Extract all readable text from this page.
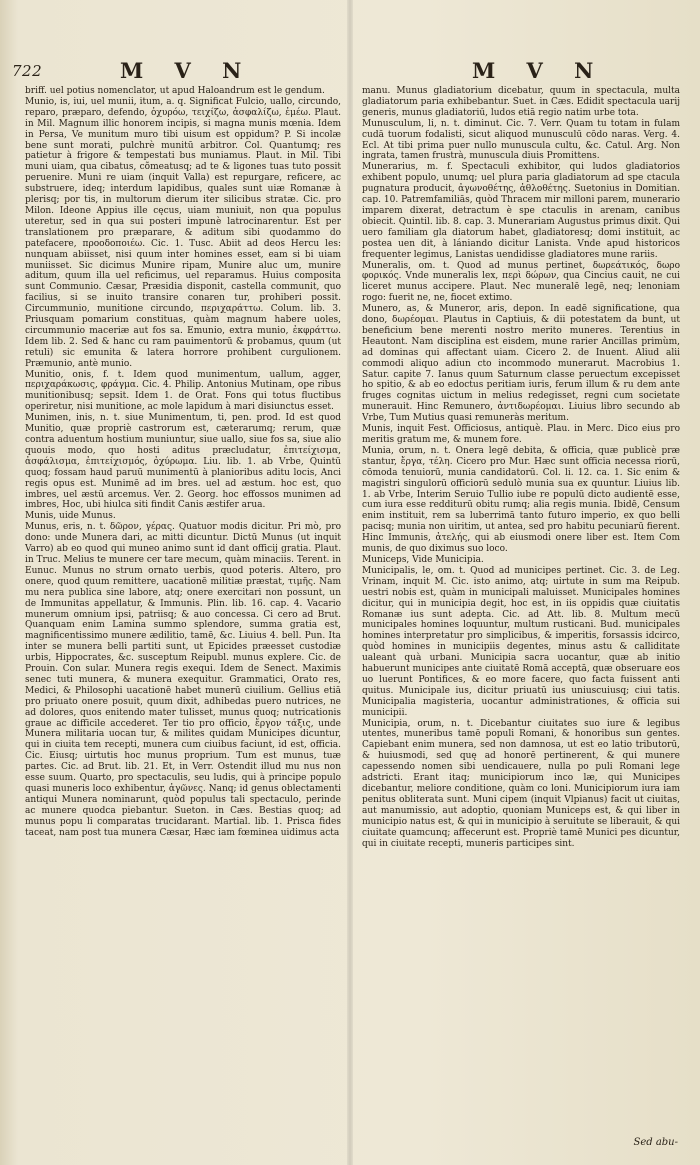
722	M V N	M V N

briff. uel potius nomenclator, ut apud Haloandrum est le gendum.

Munio, is, iui, uel munii, itum, a. q. Significat Fulcio, uallo, circundo, reparo, præparo, defendo, ὀχυρόω, τειχίζω, ἀσφαλίζω, ἐμέω. Plaut. in Mil. Magnum illic honorem incipis, si magna munis mœnia. Idem in Persa, Ve munitum muro tibi uisum est oppidum? P. Si incolæ bene sunt morati, pulchrè munitū arbitror. Col. Quantumq; res patietur à frigore & tempestati bus muniamus. Plaut. in Mil. Tibi muni uiam, qua cibatus, cõmeatusq; ad te & ligones tuas tuto possit peruenire. Muni re uiam (inquit Valla) est repurgare, reficere, ac substruere, ideq; interdum lapidibus, quales sunt uiæ Romanæ à plerisq; por tis, in multorum dierum iter silicibus stratæ. Cic. pro Milon. Ideone Appius ille cęcus, uiam muniuit, non qua populus uteretur, sed in qua sui posteri impunè latrocinarentur. Est per translationem pro præparare, & aditum sibi quodammo do patefacere, προοδοποιέω. Cic. 1. Tusc. Abiit ad deos Hercu les: nunquam abiisset, nisi quum inter homines esset, eam si bi uiam muniisset. Sic dicimus Munire ripam, Munire aluc um, munire aditum, quum illa uel reficimus, uel reparamus. Huius composita sunt Communio. Cæsar, Præsidia disponit, castella communit, quo facilius, si se inuito transire conaren tur, prohiberi possit. Circummunio, munitione circundo, περιχαράττω. Colum. lib. 3. Priusquam pomarium constituas, quàm magnum habere uoles, circummunio maceriæ aut fos sa. Emunio, extra munio, ἐκφράττω. Idem lib. 2. Sed & hanc cu ram pauimentorū & probamus, quum (ut retuli) sic emunita & latera horrore prohibent curgulionem. Præmunio, antè munio.

Munitio, onis, f. t. Idem quod munimentum, uallum, agger, περιχαράκωσις, φράγμα. Cic. 4. Philip. Antonius Mutinam, ope ribus munitionibusq; sepsit. Idem 1. de Orat. Fons qui totus fluctibus operiretur, nisi munitione, ac mole lapidum à mari disiunctus esset.

Munimen, inis, n. t. siue Munimentum, ti, pen. prod. Id est quod Munitio, quæ propriè castrorum est, cæterarumq; rerum, quæ contra aduentum hostium muniuntur, siue uallo, siue fos sa, siue alio quouis modo, quo hosti aditus præcludatur, ἐπιτείχισμα, ἀσφάλισμα, ἐπιτείχισμός, ὀχύρωμα. Liu. lib. 1. ab Vrbe, Quintū quoq; fossam haud paruū munimentū à planioribus aditu locis, Anci regis opus est. Munimē ad im bres. uel ad æstum. hoc est, quo imbres, uel æstū arcemus. Ver. 2. Georg. hoc effossos munimen ad imbres, Hoc, ubi hiulca siti findit Canis æstifer arua.

Munis, uide Munus.

Munus, eris, n. t. δῶρον, γέρας. Quatuor modis dicitur. Pri mò, pro dono: unde Munera dari, ac mitti dicuntur. Dictū Munus (ut inquit Varro) ab eo quod qui muneo animo sunt id dant officij gratia. Plaut. in Truc. Melius te munere cer tare mecum, quàm minaciis. Terent. in Eunuc. Munus no strum ornato uerbis, quod poteris. Altero, pro onere, quod quum remittere, uacationē militiæ præstat, τιμῆς. Nam mu nera publica sine labore, atq; onere exercitari non possunt, un de Immunitas appellatur, & Immunis. Plin. lib. 16. cap. 4. Vacario munerum omnium ipsi, patriisq; & auo concessa. Ci cero ad Brut. Quanquam enim Lamina summo splendore, summa gratia est, magnificentissimo munere ædilitio, tamē, &c. Liuius 4. bell. Pun. Ita inter se munera belli partiti sunt, ut Epicides præesset custodiæ urbis, Hippocrates, &c. susceptum Reipubl. munus explere. Cic. de Prouin. Con sular. Munera regis exequi. Idem de Senect. Maximis senec tuti munera, & munera exequitur. Grammatici, Orato res, Medici, & Philosophi uacationē habet munerū ciuilium. Gellius etiā pro priuato onere posuit, quum dixit, adhibedas puero nutrices, ne ad dolores, quos enitendo mater tulisset, munus quoq; nutricationis graue ac difficile accederet. Ter tio pro officio, ἔργον τάξις, unde Munera militaria uocan tur, & milites quidam Municipes dicuntur, qui in ciuita tem recepti, munera cum ciuibus faciunt, id est, officia. Cic. Eiusq; uirtutis hoc munus proprium. Tum est munus, tuæ partes. Cic. ad Brut. lib. 21. Et, in Verr. Ostendit illud mu nus non esse suum. Quarto, pro spectaculis, seu ludis, qui à principe populo quasi muneris loco exhibentur, ἀγῶνες. Nanq; id genus oblectamenti antiqui Munera nominarunt, quòd populus tali spectaculo, perinde ac munere quodca piebantur. Sueton. in Cæs. Bestias quoq; ad munus popu li comparatas trucidarant. Martial. lib. 1. Prisca fides taceat, nam post tua munera Cæsar, Hæc iam fœminea uidimus acta

manu. Munus gladiatorium dicebatur, quum in spectacula, multa gladiatorum paria exhibebantur. Suet. in Cæs. Edidit spectacula uarij generis, munus gladiatoriū, ludos etiā regio natim urbe tota.

Munusculum, li, n. t. diminut. Cic. 7. Verr. Quam tu totam in fulam cudā tuorum fodalisti, sicut aliquod munusculū cōdo naras. Verg. 4. Ecl. At tibi prima puer nullo munuscula cultu, &c. Catul. Arg. Non ingrata, tamen frustrà, munuscula diuis Promittens.

Munerarius, m. f. Spectaculi exhibitor, qui ludos gladiatorios exhibent populo, unumq; uel plura paria gladiatorum ad spe ctacula pugnatura producit, ἀγωνοθέτης, ἀθλοθέτης. Suetonius in Domitian. cap. 10. Patremfamiliās, quòd Thracem mir milloni parem, munerario imparem dixerat, detractum è spe ctaculis in arenam, canibus obiecit. Quintil. lib. 8. cap. 3. Munerariam Augustus primus dixit. Qui uero familiam gla diatorum habet, gladiatoresq; domi instituit, ac postea uen dit, à lániando dicitur Lanista. Vnde apud historicos frequenter legimus, Lanistas uendidisse gladiatores mune rariis.

Muneralis, om. t. Quod ad munus pertinet, δωρεάτικός, δωρο φορικός. Vnde muneralis lex, περὶ δώρων, qua Cincius cauit, ne cui liceret munus accipere. Plaut. Nec muneralē legē, neq; lenoniam rogo: fuerit ne, ne, fiocet extimo.

Munero, as, & Muneror, aris, depon. In eadē significatione, qua dono, δωρέομαι. Plautus in Captiuis, & dii potestatem da bunt, ut beneficium bene merenti nostro merito muneres. Terentius in Heautont. Nam disciplina est eisdem, mune rarier Ancillas primùm, ad dominas qui affectant uiam. Cicero 2. de Inuent. Aliud alii commodi aliquo adiun cto incommodo munerarut. Macrobius 1. Satur. capite 7. Ianus quum Saturnum classe peruectum excepisset ho spitio, & ab eo edoctus peritiam iuris, ferum illum & ru dem ante fruges cognitas uictum in melius redegisset, regni cum societate munerauit. Hinc Remunero, ἀντιδωρέομαι. Liuius libro secundo ab Vrbe, Tum Mutius quasi remuneràs meritum.

Munis, inquit Fest. Officiosus, antiquè. Plau. in Merc. Dico eius pro meritis gratum me, & munem fore.

Munia, orum, n. t. Onera legē debita, & officia, quæ publicè præ stantur, ἔργα, τέλη. Cicero pro Mur. Hæc sunt officia necessa riorū, cōmoda tenuiorū, munia candidatorū. Col. li. 12. ca. 1. Sic enim & magistri singulorū officiorū sedulò munia sua ex quuntur. Liuius lib. 1. ab Vrbe, Interim Seruio Tullio iube re populū dicto audientē esse, cum iura esse redditurū obitu rumq; alia regis munia. Ibidē, Censum enim instituit, rem sa luberrimā tanto futuro imperio, ex quo belli pacisq; munia non uiritim, ut antea, sed pro habitu pecuniarū fierent. Hinc Immunis, ἀτελής, qui ab eiusmodi onere liber est. Item Com munis, de quo diximus suo loco.

Municeps, Vide Municipia.

Municipalis, le, om. t. Quod ad municipes pertinet. Cic. 3. de Leg. Vrinam, inquit M. Cic. isto animo, atq; uirtute in sum ma Reipub. uestri nobis est, quàm in municipali maluisset. Municipales homines dicitur, qui in municipia degit, hoc est, in iis oppidis quæ ciuitatis Romanæ ius sunt adepta. Cic. ad Att. lib. 8. Multum mecū municipales homines loquuntur, multum rusticani. Bud. municipales homines interpretatur pro simplicibus, & imperitis, forsassis idcirco, quòd homines in municipiis degentes, minus astu & calliditate ualeant quà urbani. Municipia sacra uocantur, quæ ab initio habuerunt municipes ante ciuitatē Romā acceptā, quæ obseruare eos uo luerunt Pontifices, & eo more facere, quo facta fuissent anti quitus. Municipale ius, dicitur priuatū ius uniuscuiusq; ciui tatis. Municipalia magisteria, uocantur administrationes, & officia sui municipii.

Municipia, orum, n. t. Dicebantur ciuitates suo iure & legibus utentes, muneribus tamē populi Romani, & honoribus sun gentes. Capiebant enim munera, sed non damnosa, ut est eo latio tributorū, & huiusmodi, sed quę ad honorē pertinerent, & qui munere capessendo nomen sibi uendicauere, nulla po puli Romani lege adstricti. Erant itaq; municipiorum inco læ, qui Municipes dicebantur, meliore conditione, quàm co loni. Municipiorum iura iam penitus obliterata sunt. Muni cipem (inquit Vlpianus) facit ut ciuitas, aut manumissio, aut adoptio, quoniam Municeps est, & qui liber in municipio natus est, & qui in municipio à seruitute se liberauit, & qui ciuitate quamcunq; affecerunt est. Propriè tamē Munici pes dicuntur, qui in ciuitate recepti, muneris participes sint.

Sed abu-
